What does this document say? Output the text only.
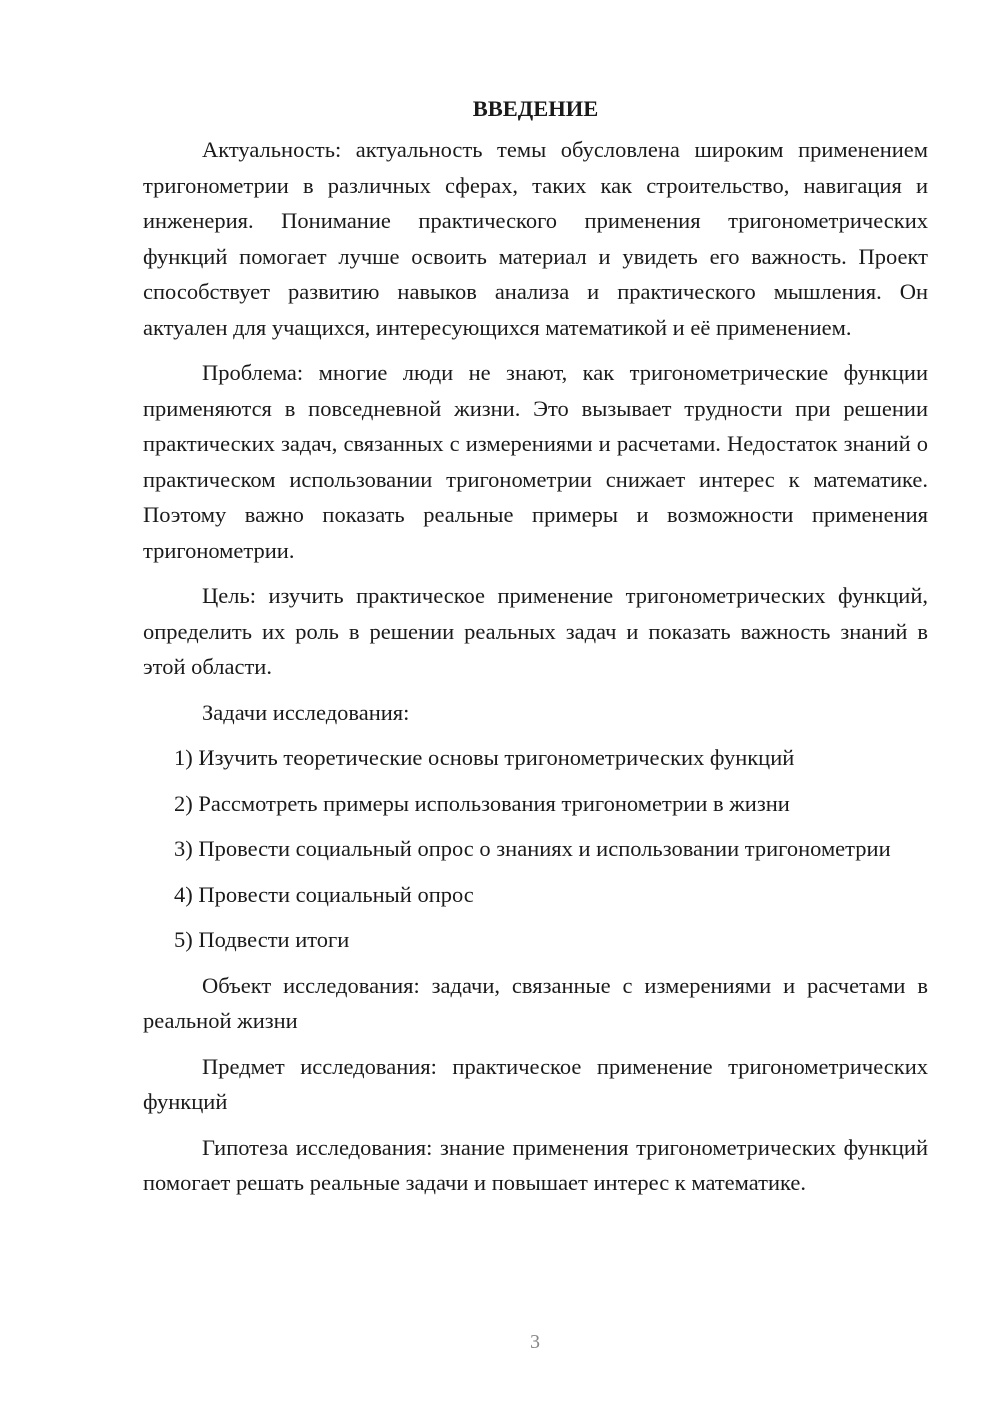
ВВЕДЕНИЕ

Актуальность: актуальность темы обусловлена широким применением тригонометрии в различных сферах, таких как строительство, навигация и инженерия. Понимание практического применения тригонометрических функций помогает лучше освоить материал и увидеть его важность. Проект способствует развитию навыков анализа и практического мышления. Он актуален для учащихся, интересующихся математикой и её применением.

Проблема: многие люди не знают, как тригонометрические функции применяются в повседневной жизни. Это вызывает трудности при решении практических задач, связанных с измерениями и расчетами. Недостаток знаний о практическом использовании тригонометрии снижает интерес к математике. Поэтому важно показать реальные примеры и возможности применения тригонометрии.

Цель: изучить практическое применение тригонометрических функций, определить их роль в решении реальных задач и показать важность знаний в этой области.

Задачи исследования:

1) Изучить теоретические основы тригонометрических функций

2) Рассмотреть примеры использования тригонометрии в жизни

3) Провести социальный опрос о знаниях и использовании тригонометрии

4) Провести социальный опрос

5) Подвести итоги

Объект исследования: задачи, связанные с измерениями и расчетами в реальной жизни

Предмет исследования: практическое применение тригонометрических функций

Гипотеза исследования: знание применения тригонометрических функций помогает решать реальные задачи и повышает интерес к математике.

3
